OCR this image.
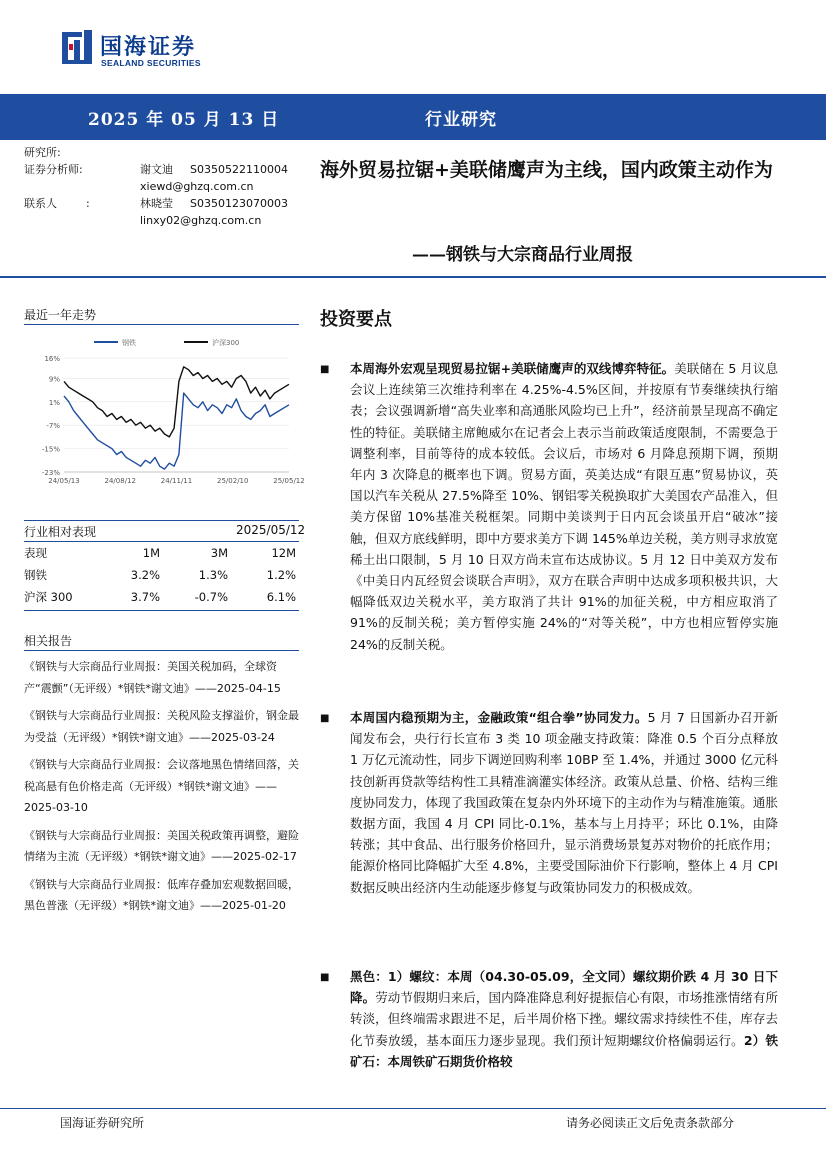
国海证券
SEALAND SECURITIES
2025 年 05 月 13 日	行业研究
研究所:
证券分析师:	谢文迪 S0350522110004
xiewd@ghzq.com.cn
联系人	:	林晓莹 S0350123070003
linxy02@ghzq.com.cn
海外贸易拉锯+美联储鹰声为主线，国内政策主动作为
——钢铁与大宗商品行业周报
最近一年走势
钢铁	沪深300
16%
9%
1%
-7%
-15%
-23%
24/05/13	24/08/12	24/11/11	25/02/10	25/05/12
行业相对表现	2025/05/12
表现	1M	3M	12M
钢铁	3.2%	1.3%	1.2%
沪深 300	3.7%	-0.7%	6.1%
相关报告

《钢铁与大宗商品行业周报：美国关税加码，全球资产“震颤”（无评级）*钢铁*谢文迪》——2025-04-15

《钢铁与大宗商品行业周报：关税风险支撑溢价，钢金最为受益（无评级）*钢铁*谢文迪》——2025-03-24

《钢铁与大宗商品行业周报：会议落地黑色情绪回落，关税高悬有色价格走高（无评级）*钢铁*谢文迪》——2025-03-10

《钢铁与大宗商品行业周报：美国关税政策再调整，避险情绪为主流（无评级）*钢铁*谢文迪》——2025-02-17

《钢铁与大宗商品行业周报：低库存叠加宏观数据回暖，黑色普涨（无评级）*钢铁*谢文迪》——2025-01-20

投资要点
■ 本周海外宏观呈现贸易拉锯+美联储鹰声的双线博弈特征。美联储在 5 月议息会议上连续第三次维持利率在 4.25%-4.5%区间，并按原有节奏继续执行缩表；会议强调新增“高失业率和高通胀风险均已上升”，经济前景呈现高不确定性的特征。美联储主席鲍威尔在记者会上表示当前政策适度限制，不需要急于调整利率，目前等待的成本较低。会议后，市场对 6 月降息预期下调，预期年内 3 次降息的概率也下调。贸易方面，英美达成“有限互惠”贸易协议，英国以汽车关税从 27.5%降至 10%、钢铝零关税换取扩大美国农产品准入，但美方保留 10%基准关税框架。同期中美谈判于日内瓦会谈虽开启“破冰”接触，但双方底线鲜明，即中方要求美方下调 145%单边关税，美方则寻求放宽稀土出口限制，5 月 10 日双方尚未宣布达成协议。5 月 12 日中美双方发布《中美日内瓦经贸会谈联合声明》，双方在联合声明中达成多项积极共识，大幅降低双边关税水平，美方取消了共计 91%的加征关税，中方相应取消了 91%的反制关税；美方暂停实施 24%的“对等关税”，中方也相应暂停实施 24%的反制关税。
■ 本周国内稳预期为主，金融政策“组合拳”协同发力。5 月 7 日国新办召开新闻发布会，央行行长宣布 3 类 10 项金融支持政策：降准 0.5 个百分点释放 1 万亿元流动性，同步下调逆回购利率 10BP 至 1.4%，并通过 3000 亿元科技创新再贷款等结构性工具精准滴灌实体经济。政策从总量、价格、结构三维度协同发力，体现了我国政策在复杂内外环境下的主动作为与精准施策。通胀数据方面，我国 4 月 CPI 同比-0.1%，基本与上月持平；环比 0.1%，由降转涨；其中食品、出行服务价格回升，显示消费场景复苏对物价的托底作用；能源价格同比降幅扩大至 4.8%，主要受国际油价下行影响，整体上 4 月 CPI 数据反映出经济内生动能逐步修复与政策协同发力的积极成效。
■ 黑色：1）螺纹：本周（04.30-05.09，全文同）螺纹期价跌 4 月 30 日下降。劳动节假期归来后，国内降准降息利好提振信心有限，市场推涨情绪有所转淡，但终端需求跟进不足，后半周价格下挫。螺纹需求持续性不佳，库存去化节奏放缓，基本面压力逐步显现。我们预计短期螺纹价格偏弱运行。2）铁矿石：本周铁矿石期货价格较
国海证券研究所	请务必阅读正文后免责条款部分
